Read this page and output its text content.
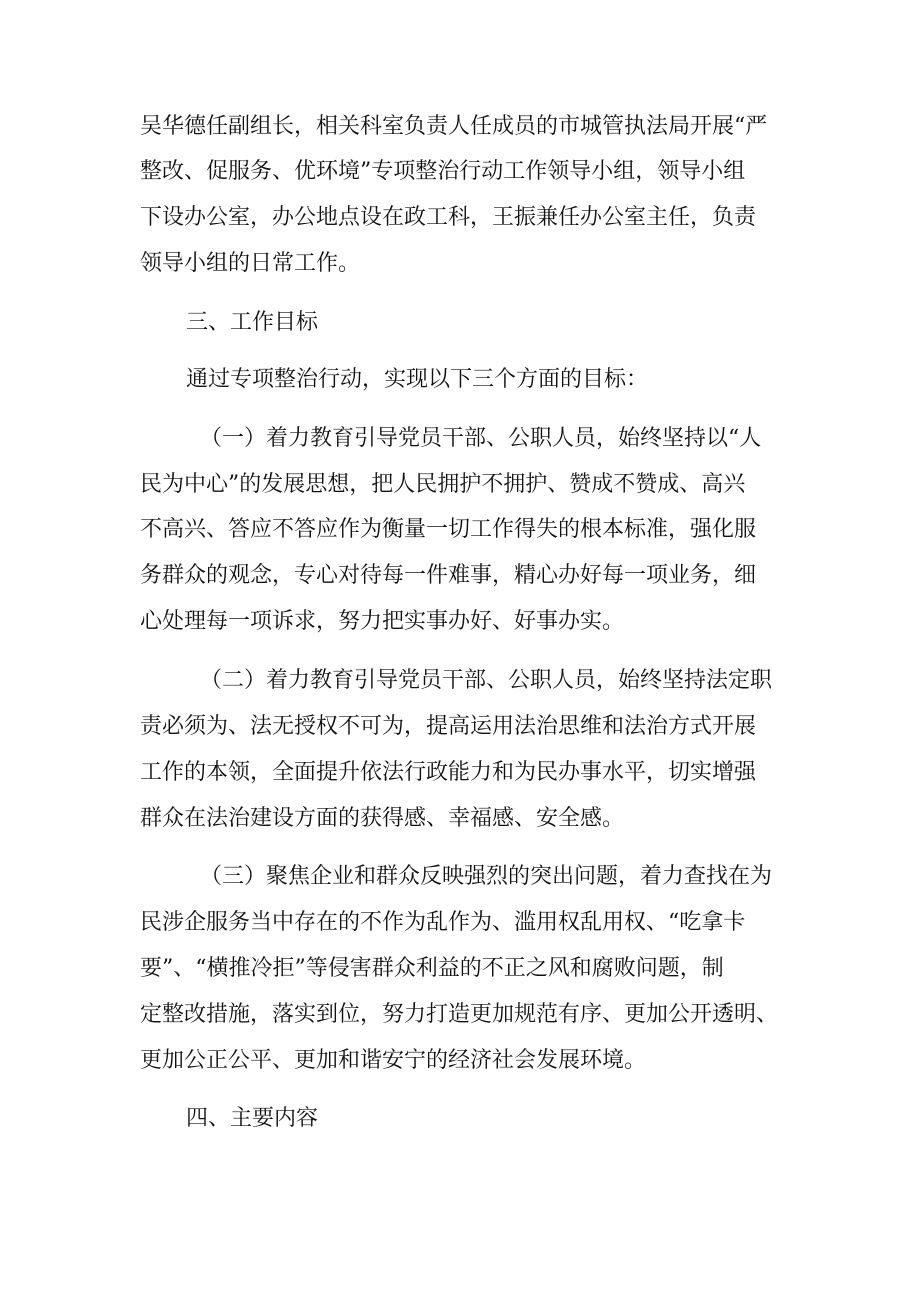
吴华德任副组长，相关科室负责人任成员的市城管执法局开展“严

整改、促服务、优环境”专项整治行动工作领导小组，领导小组

下设办公室，办公地点设在政工科，王振兼任办公室主任，负责

领导小组的日常工作。

三、工作目标

通过专项整治行动，实现以下三个方面的目标：

（一）着力教育引导党员干部、公职人员，始终坚持以“人

民为中心”的发展思想，把人民拥护不拥护、赞成不赞成、高兴

不高兴、答应不答应作为衡量一切工作得失的根本标准，强化服

务群众的观念，专心对待每一件难事，精心办好每一项业务，细

心处理每一项诉求，努力把实事办好、好事办实。

（二）着力教育引导党员干部、公职人员，始终坚持法定职

责必须为、法无授权不可为，提高运用法治思维和法治方式开展

工作的本领，全面提升依法行政能力和为民办事水平，切实增强

群众在法治建设方面的获得感、幸福感、安全感。

（三）聚焦企业和群众反映强烈的突出问题，着力查找在为

民涉企服务当中存在的不作为乱作为、滥用权乱用权、“吃拿卡

要”、“横推冷拒”等侵害群众利益的不正之风和腐败问题，制

定整改措施，落实到位，努力打造更加规范有序、更加公开透明、

更加公正公平、更加和谐安宁的经济社会发展环境。

四、主要内容
